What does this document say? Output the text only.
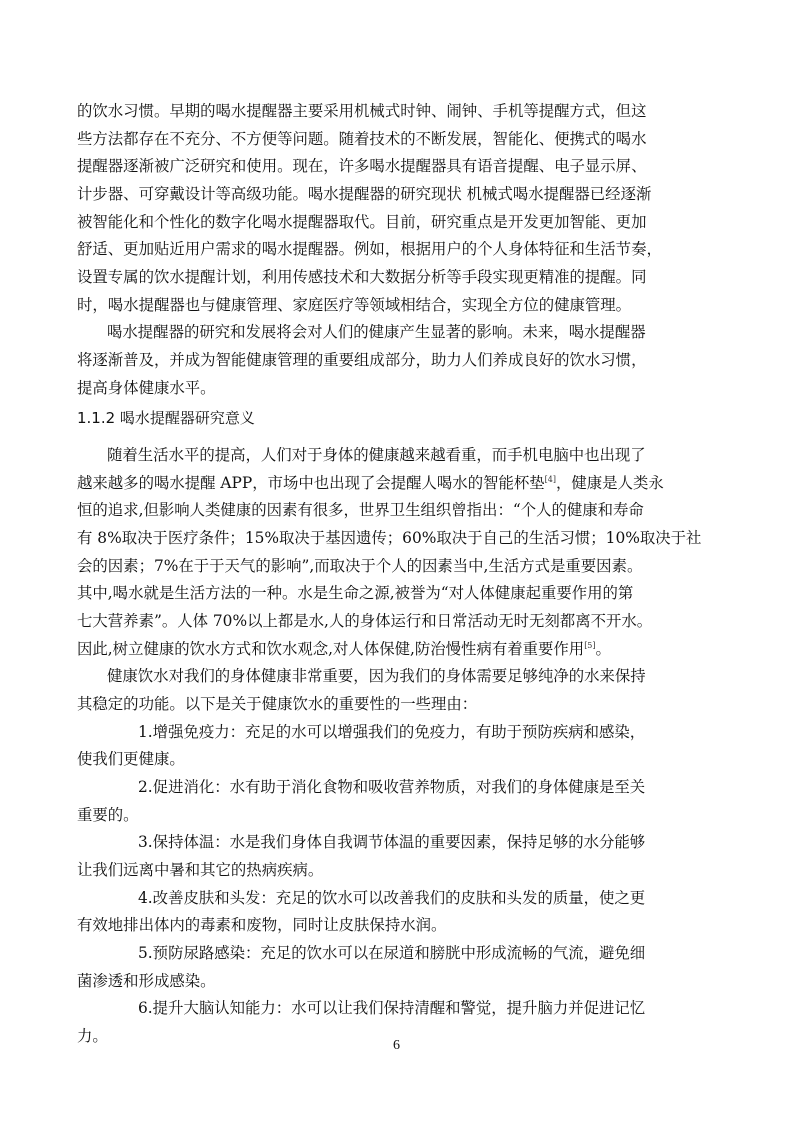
的饮水习惯。早期的喝水提醒器主要采用机械式时钟、闹钟、手机等提醒方式，但这
些方法都存在不充分、不方便等问题。随着技术的不断发展，智能化、便携式的喝水
提醒器逐渐被广泛研究和使用。现在，许多喝水提醒器具有语音提醒、电子显示屏、
计步器、可穿戴设计等高级功能。喝水提醒器的研究现状 机械式喝水提醒器已经逐渐
被智能化和个性化的数字化喝水提醒器取代。目前，研究重点是开发更加智能、更加
舒适、更加贴近用户需求的喝水提醒器。例如，根据用户的个人身体特征和生活节奏，
设置专属的饮水提醒计划，利用传感技术和大数据分析等手段实现更精准的提醒。同
时，喝水提醒器也与健康管理、家庭医疗等领域相结合，实现全方位的健康管理。
喝水提醒器的研究和发展将会对人们的健康产生显著的影响。未来，喝水提醒器
将逐渐普及，并成为智能健康管理的重要组成部分，助力人们养成良好的饮水习惯，
提高身体健康水平。
1.1.2 喝水提醒器研究意义
随着生活水平的提高，人们对于身体的健康越来越看重，而手机电脑中也出现了
越来越多的喝水提醒 APP，市场中也出现了会提醒人喝水的智能杯垫[4]，健康是人类永
恒的追求,但影响人类健康的因素有很多，世界卫生组织曾指出：“个人的健康和寿命
有 8%取决于医疗条件；15%取决于基因遗传；60%取决于自己的生活习惯；10%取决于社
会的因素；7%在于于天气的影响”,而取决于个人的因素当中,生活方式是重要因素。
其中,喝水就是生活方法的一种。水是生命之源,被誉为“对人体健康起重要作用的第
七大营养素”。人体 70%以上都是水,人的身体运行和日常活动无时无刻都离不开水。
因此,树立健康的饮水方式和饮水观念,对人体保健,防治慢性病有着重要作用[5]。
健康饮水对我们的身体健康非常重要，因为我们的身体需要足够纯净的水来保持
其稳定的功能。以下是关于健康饮水的重要性的一些理由：
1.增强免疫力：充足的水可以增强我们的免疫力，有助于预防疾病和感染，
使我们更健康。
2.促进消化：水有助于消化食物和吸收营养物质，对我们的身体健康是至关
重要的。
3.保持体温：水是我们身体自我调节体温的重要因素，保持足够的水分能够
让我们远离中暑和其它的热病疾病。
4.改善皮肤和头发：充足的饮水可以改善我们的皮肤和头发的质量，使之更
有效地排出体内的毒素和废物，同时让皮肤保持水润。
5.预防尿路感染：充足的饮水可以在尿道和膀胱中形成流畅的气流，避免细
菌渗透和形成感染。
6.提升大脑认知能力：水可以让我们保持清醒和警觉，提升脑力并促进记忆
力。
6
